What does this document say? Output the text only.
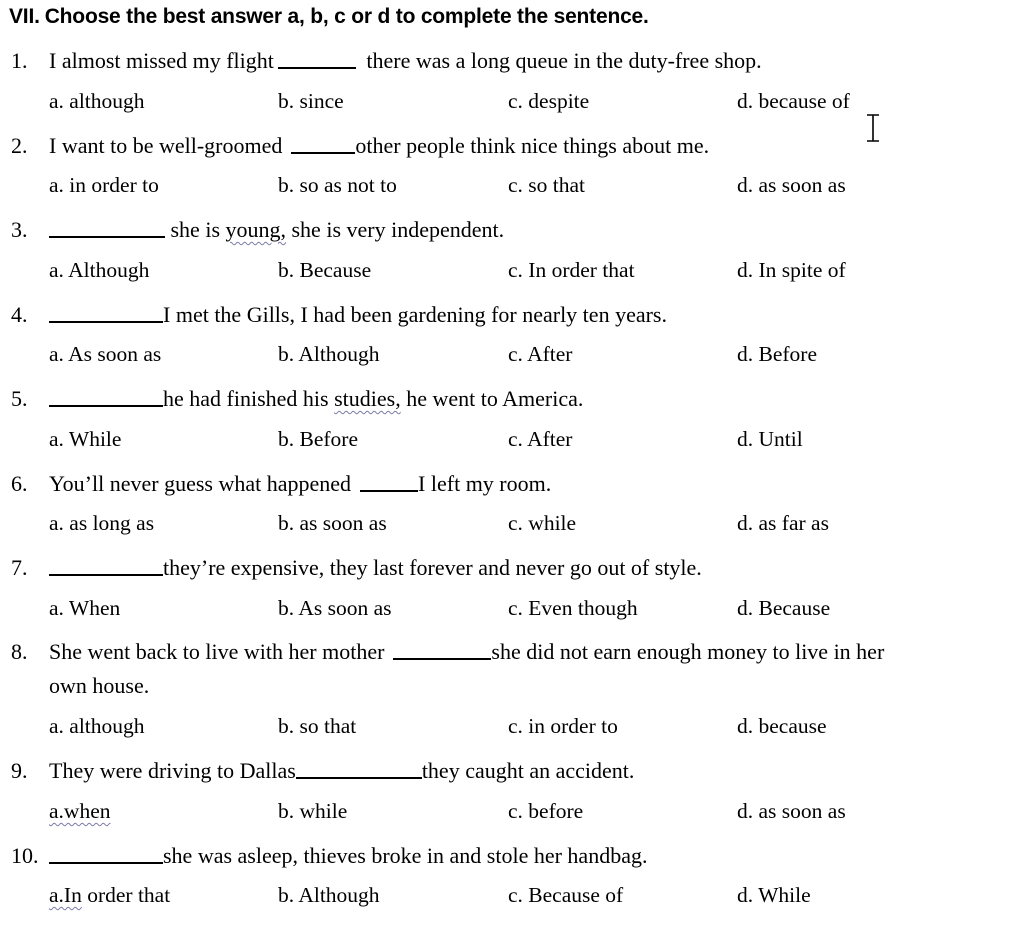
VII. Choose the best answer a, b, c or d to complete the sentence.
1. I almost missed my flight	there was a long queue in the duty-free shop.
a. although	b. since	c. despite	d. because of
2. I want to be well-groomed	other people think nice things about me.
a. in order to	b. so as not to	c. so that	d. as soon as
3.	she is young, she is very independent.
a. Although	b. Because	c. In order that	d. In spite of
4.	I met the Gills, I had been gardening for nearly ten years.
a. As soon as	b. Although	c. After	d. Before
5.	he had finished his studies, he went to America.
a. While	b. Before	c. After	d. Until
6. You’ll never guess what happened	I left my room.
a. as long as	b. as soon as	c. while	d. as far as
7.	they’re expensive, they last forever and never go out of style.
a. When	b. As soon as	c. Even though	d. Because
8. She went back to live with her mother	she did not earn enough money to live in her
own house.
a. although	b. so that	c. in order to	d. because
9. They were driving to Dallas	they caught an accident.
a.when	b. while	c. before	d. as soon as
10.	she was asleep, thieves broke in and stole her handbag.
a.In order that	b. Although	c. Because of	d. While
